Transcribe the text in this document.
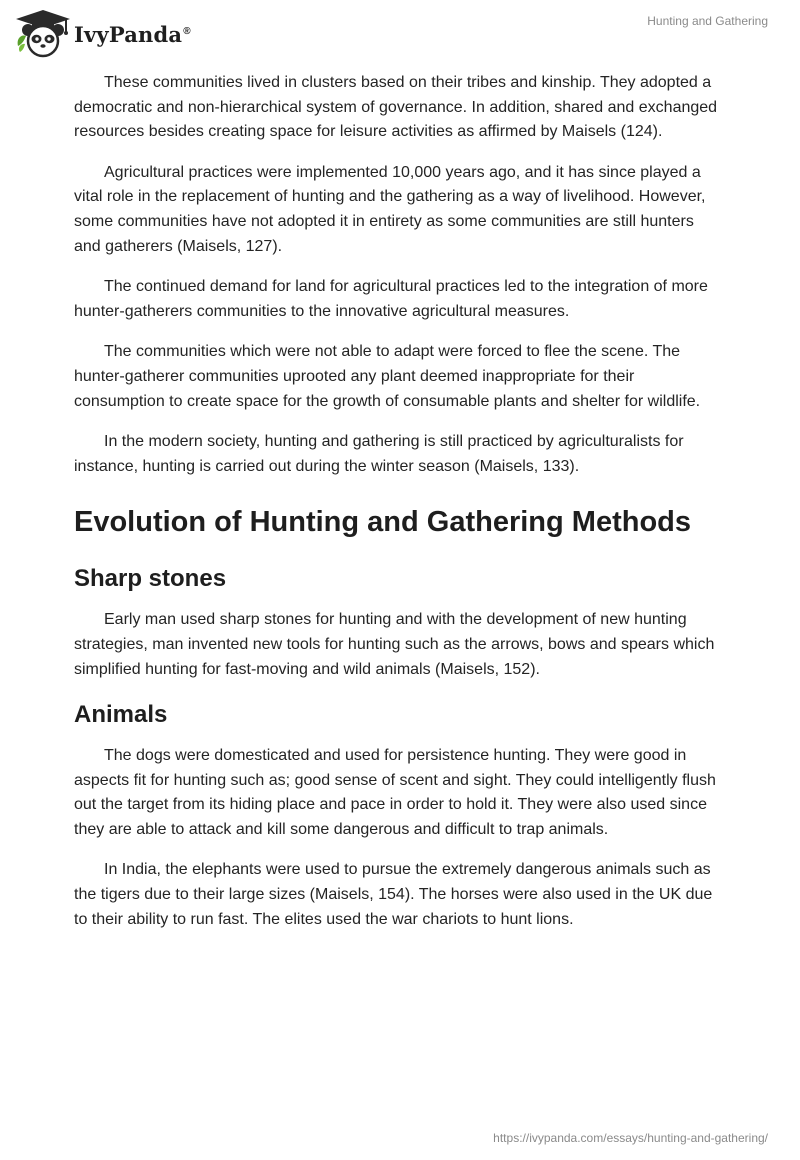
IvyPanda®
Hunting and Gathering

These communities lived in clusters based on their tribes and kinship. They adopted a democratic and non-hierarchical system of governance. In addition, shared and exchanged resources besides creating space for leisure activities as affirmed by Maisels (124).

Agricultural practices were implemented 10,000 years ago, and it has since played a vital role in the replacement of hunting and the gathering as a way of livelihood. However, some communities have not adopted it in entirety as some communities are still hunters and gatherers (Maisels, 127).

The continued demand for land for agricultural practices led to the integration of more hunter-gatherers communities to the innovative agricultural measures.

The communities which were not able to adapt were forced to flee the scene. The hunter-gatherer communities uprooted any plant deemed inappropriate for their consumption to create space for the growth of consumable plants and shelter for wildlife.

In the modern society, hunting and gathering is still practiced by agriculturalists for instance, hunting is carried out during the winter season (Maisels, 133).

Evolution of Hunting and Gathering Methods
Sharp stones

Early man used sharp stones for hunting and with the development of new hunting strategies, man invented new tools for hunting such as the arrows, bows and spears which simplified hunting for fast-moving and wild animals (Maisels, 152).

Animals

The dogs were domesticated and used for persistence hunting. They were good in aspects fit for hunting such as; good sense of scent and sight. They could intelligently flush out the target from its hiding place and pace in order to hold it. They were also used since they are able to attack and kill some dangerous and difficult to trap animals.

In India, the elephants were used to pursue the extremely dangerous animals such as the tigers due to their large sizes (Maisels, 154). The horses were also used in the UK due to their ability to run fast. The elites used the war chariots to hunt lions.

https://ivypanda.com/essays/hunting-and-gathering/
